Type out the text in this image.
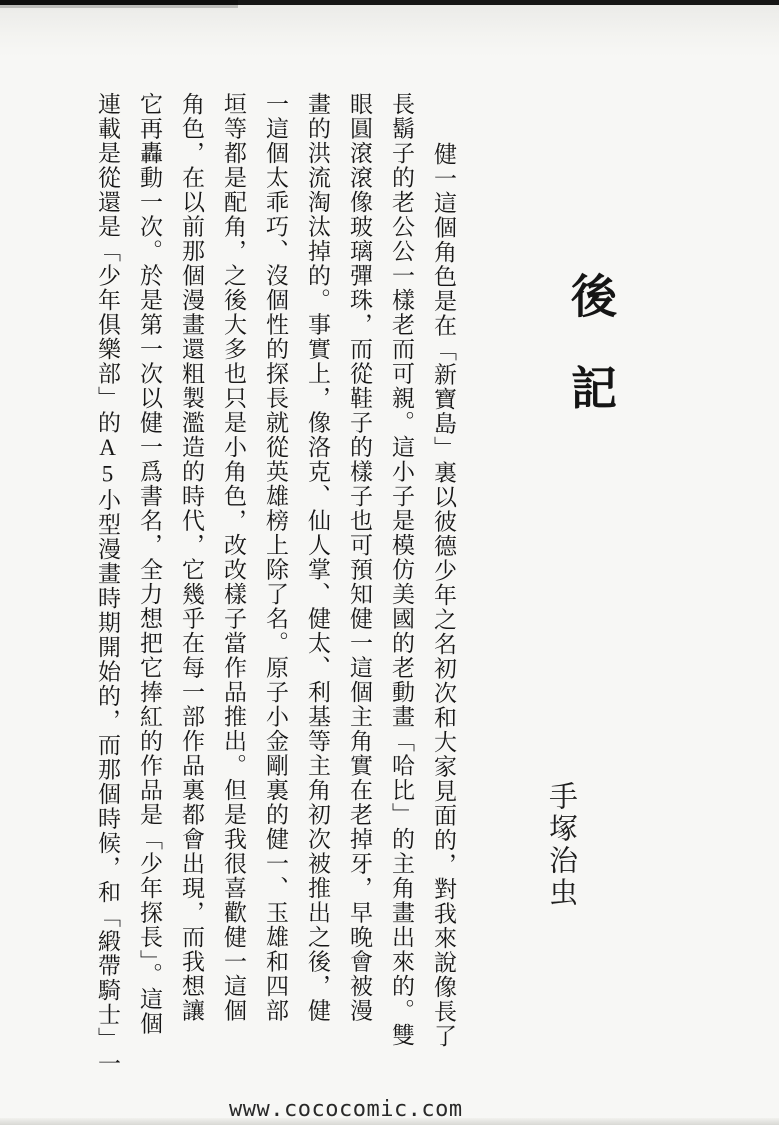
後記
手塚治虫

健一這個角色是在「新寶島」裏以彼德少年之名初次和大家見面的，對我來說像長了

長鬍子的老公公一樣老而可親。這小子是模仿美國的老動畫「哈比」的主角畫出來的。雙

眼圓滾滾像玻璃彈珠，而從鞋子的樣子也可預知健一這個主角實在老掉牙，早晚會被漫

畫的洪流淘汰掉的。事實上，像洛克、仙人掌、健太、利基等主角初次被推出之後，健

一這個太乖巧、沒個性的探長就從英雄榜上除了名。原子小金剛裏的健一、玉雄和四部

垣等都是配角，之後大多也只是小角色，改改樣子當作品推出。但是我很喜歡健一這個

角色，在以前那個漫畫還粗製濫造的時代，它幾乎在每一部作品裏都會出現，而我想讓

它再轟動一次。於是第一次以健一爲書名，全力想把它捧紅的作品是「少年探長」。這個

連載是從還是「少年俱樂部」的A5小型漫畫時期開始的，而那個時候，和「緞帶騎士」一

www.cococomic.com
